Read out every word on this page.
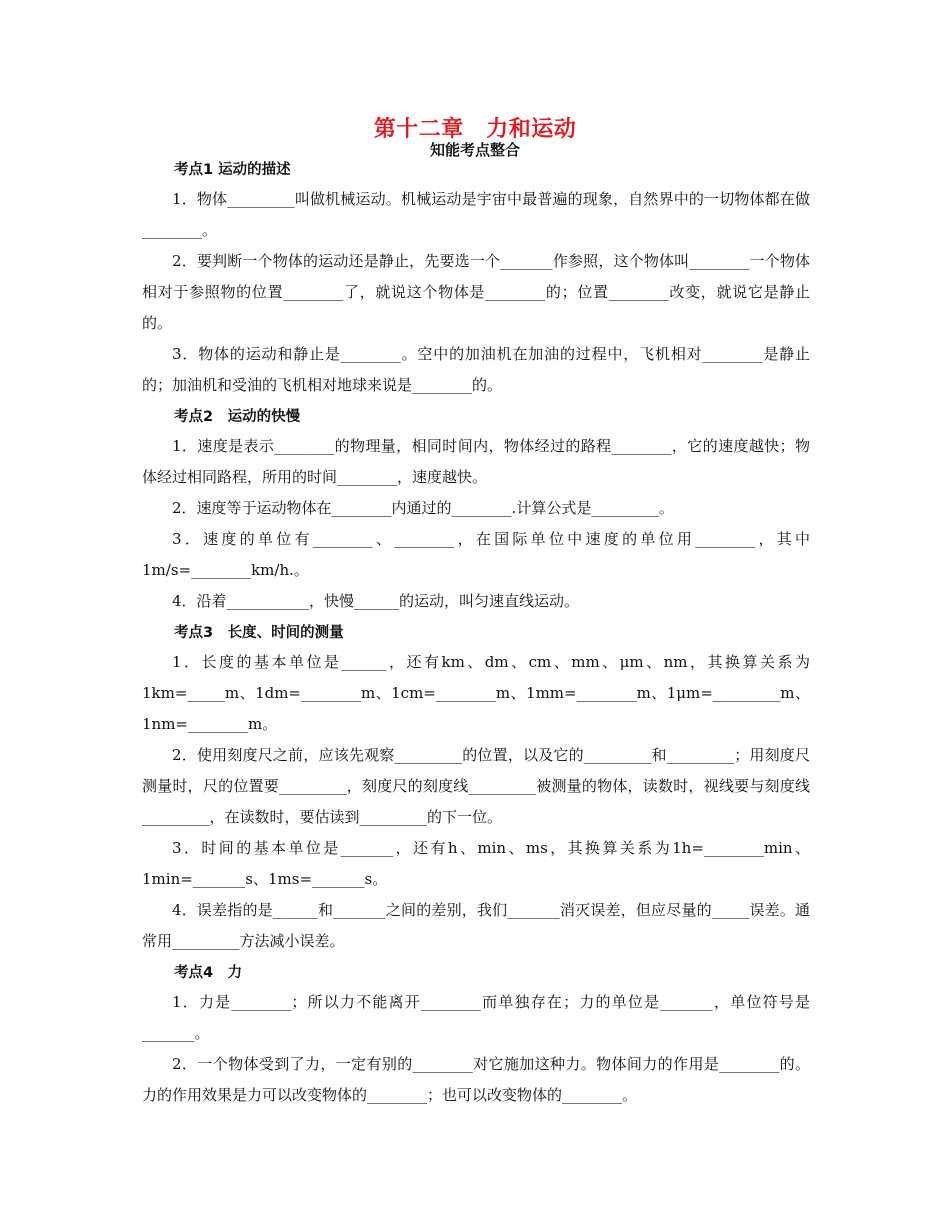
第十二章　力和运动
知能考点整合
考点1 运动的描述

1．物体_________叫做机械运动。机械运动是宇宙中最普遍的现象，自然界中的一切物体都在做________。

2．要判断一个物体的运动还是静止，先要选一个_______作参照，这个物体叫________一个物体相对于参照物的位置________了，就说这个物体是________的；位置________改变，就说它是静止的。

3．物体的运动和静止是________。空中的加油机在加油的过程中，飞机相对________是静止的；加油机和受油的飞机相对地球来说是________的。

考点2　运动的快慢

1．速度是表示________的物理量，相同时间内，物体经过的路程________，它的速度越快；物体经过相同路程，所用的时间________，速度越快。

2．速度等于运动物体在________内通过的________.计算公式是_________。

3．速度的单位有________、________，在国际单位中速度的单位用________，其中1m/s=________km/h.。

4．沿着___________，快慢______的运动，叫匀速直线运动。

考点3　长度、时间的测量

1．长度的基本单位是______，还有km、dm、cm、mm、μm、nm，其换算关系为1km=_____m、1dm=________m、1cm=________m、1mm=________m、1μm=_________m、1nm=________m。

2．使用刻度尺之前，应该先观察_________的位置，以及它的_________和_________；用刻度尺测量时，尺的位置要_________，刻度尺的刻度线_________被测量的物体，读数时，视线要与刻度线_________，在读数时，要估读到_________的下一位。

3．时间的基本单位是_______，还有h、min、ms，其换算关系为1h=________min、1min=_______s、1ms=_______s。

4．误差指的是______和_______之间的差别，我们_______消灭误差，但应尽量的_____误差。通常用_________方法减小误差。

考点4　力

1．力是________；所以力不能离开________而单独存在；力的单位是_______，单位符号是_______。

2．一个物体受到了力，一定有别的________对它施加这种力。物体间力的作用是________的。力的作用效果是力可以改变物体的________；也可以改变物体的________。
